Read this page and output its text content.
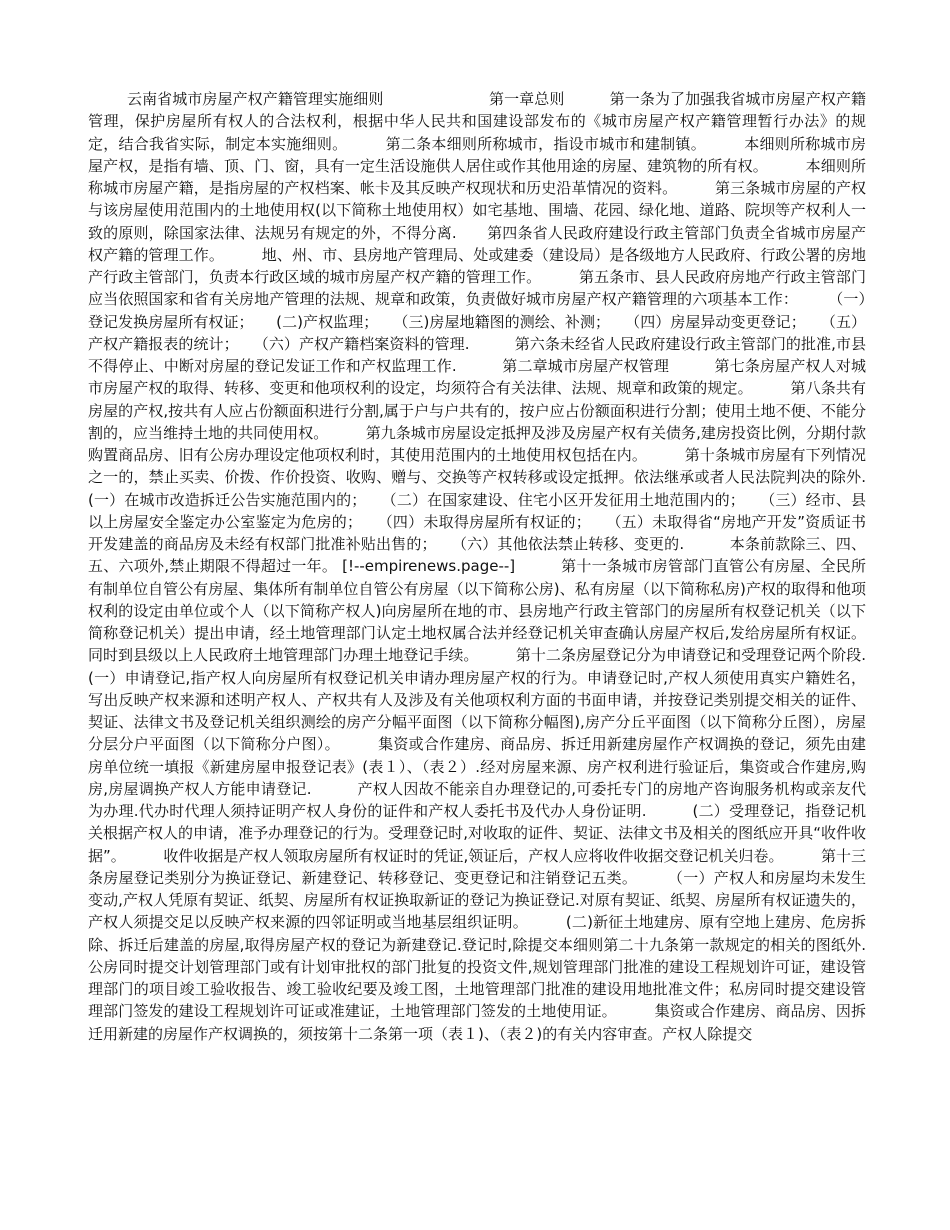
云南省城市房屋产权产籍管理实施细则　　　　　　　第一章总则　　　第一条为了加强我省城市房屋产权产籍管理，保护房屋所有权人的合法权利，根据中华人民共和国建设部发布的《城市房屋产权产籍管理暂行办法》的规定，结合我省实际，制定本实施细则。　　　第二条本细则所称城市，指设市城市和建制镇。　　　本细则所称城市房屋产权，是指有墙、顶、门、窗，具有一定生活设施供人居住或作其他用途的房屋、建筑物的所有权。　　　本细则所称城市房屋产籍，是指房屋的产权档案、帐卡及其反映产权现状和历史沿革情况的资料。　　　第三条城市房屋的产权与该房屋使用范围内的土地使用权(以下简称土地使用权）如宅基地、围墙、花园、绿化地、道路、院坝等产权利人一致的原则，除国家法律、法规另有规定的外，不得分离.　　第四条省人民政府建设行政主管部门负责全省城市房屋产权产籍的管理工作。　　　地、州、市、县房地产管理局、处或建委（建设局）是各级地方人民政府、行政公署的房地产行政主管部门，负责本行政区域的城市房屋产权产籍的管理工作。　　　第五条市、县人民政府房地产行政主管部门应当依照国家和省有关房地产管理的法规、规章和政策，负责做好城市房屋产权产籍管理的六项基本工作：　　　（一）登记发换房屋所有权证；　　(二)产权监理；　　（三)房屋地籍图的测绘、补测；　　（四）房屋异动变更登记；　　（五）产权产籍报表的统计；　　（六）产权产籍档案资料的管理.　　　第六条未经省人民政府建设行政主管部门的批准,市县不得停止、中断对房屋的登记发证工作和产权监理工作.　　　第二章城市房屋产权管理　　　第七条房屋产权人对城市房屋产权的取得、转移、变更和他项权利的设定，均须符合有关法律、法规、规章和政策的规定。　　　第八条共有房屋的产权,按共有人应占份额面积进行分割,属于户与户共有的，按户应占份额面积进行分割；使用土地不便、不能分割的，应当维持土地的共同使用权。　　　第九条城市房屋设定抵押及涉及房屋产权有关债务,建房投资比例，分期付款购置商品房、旧有公房办理设定他项权利时，其使用范围内的土地使用权包括在内。　　　第十条城市房屋有下列情况之一的，禁止买卖、价拨、作价投资、收购、赠与、交换等产权转移或设定抵押。依法继承或者人民法院判决的除外.　　　(一）在城市改造拆迁公告实施范围内的；　　（二）在国家建设、住宅小区开发征用土地范围内的；　　（三）经市、县以上房屋安全鉴定办公室鉴定为危房的；　　（四）未取得房屋所有权证的；　　（五）未取得省“房地产开发”资质证书开发建盖的商品房及未经有权部门批准补贴出售的；　　（六）其他依法禁止转移、变更的.　　　本条前款除三、四、五、六项外,禁止期限不得超过一年。 [!--empirenews.page--]　　　第十一条城市房管部门直管公有房屋、全民所有制单位自管公有房屋、集体所有制单位自管公有房屋（以下简称公房)、私有房屋（以下简称私房)产权的取得和他项权利的设定由单位或个人（以下简称产权人)向房屋所在地的市、县房地产行政主管部门的房屋所有权登记机关（以下简称登记机关）提出申请，经土地管理部门认定土地权属合法并经登记机关审查确认房屋产权后,发给房屋所有权证。同时到县级以上人民政府土地管理部门办理土地登记手续。　　　第十二条房屋登记分为申请登记和受理登记两个阶段.　　　(一）申请登记,指产权人向房屋所有权登记机关申请办理房屋产权的行为。申请登记时,产权人须使用真实户籍姓名，写出反映产权来源和述明产权人、产权共有人及涉及有关他项权利方面的书面申请，并按登记类别提交相关的证件、契证、法律文书及登记机关组织测绘的房产分幅平面图（以下简称分幅图),房产分丘平面图（以下简称分丘图），房屋分层分户平面图（以下简称分户图）。　　　集资或合作建房、商品房、拆迁用新建房屋作产权调换的登记，须先由建房单位统一填报《新建房屋申报登记表》(表１）、（表２）.经对房屋来源、房产权利进行验证后，集资或合作建房,购房,房屋调换产权人方能申请登记.　　　产权人因故不能亲自办理登记的,可委托专门的房地产咨询服务机构或亲友代为办理.代办时代理人须持证明产权人身份的证件和产权人委托书及代办人身份证明.　　　(二）受理登记，指登记机关根据产权人的申请，准予办理登记的行为。受理登记时,对收取的证件、契证、法律文书及相关的图纸应开具“收件收据”。　　　收件收据是产权人领取房屋所有权证时的凭证,领证后，产权人应将收件收据交登记机关归卷。　　　第十三条房屋登记类别分为换证登记、新建登记、转移登记、变更登记和注销登记五类。　　　（一）产权人和房屋均未发生变动,产权人凭原有契证、纸契、房屋所有权证换取新证的登记为换证登记.对原有契证、纸契、房屋所有权证遗失的，产权人须提交足以反映产权来源的四邻证明或当地基层组织证明。　　　(二)新征土地建房、原有空地上建房、危房拆除、拆迁后建盖的房屋,取得房屋产权的登记为新建登记.登记时,除提交本细则第二十九条第一款规定的相关的图纸外.公房同时提交计划管理部门或有计划审批权的部门批复的投资文件,规划管理部门批准的建设工程规划许可证，建设管理部门的项目竣工验收报告、竣工验收纪要及竣工图，土地管理部门批准的建设用地批准文件；私房同时提交建设管理部门签发的建设工程规划许可证或准建证，土地管理部门签发的土地使用证。　　　集资或合作建房、商品房、因拆迁用新建的房屋作产权调换的，须按第十二条第一项（表１)、（表２)的有关内容审查。产权人除提交
